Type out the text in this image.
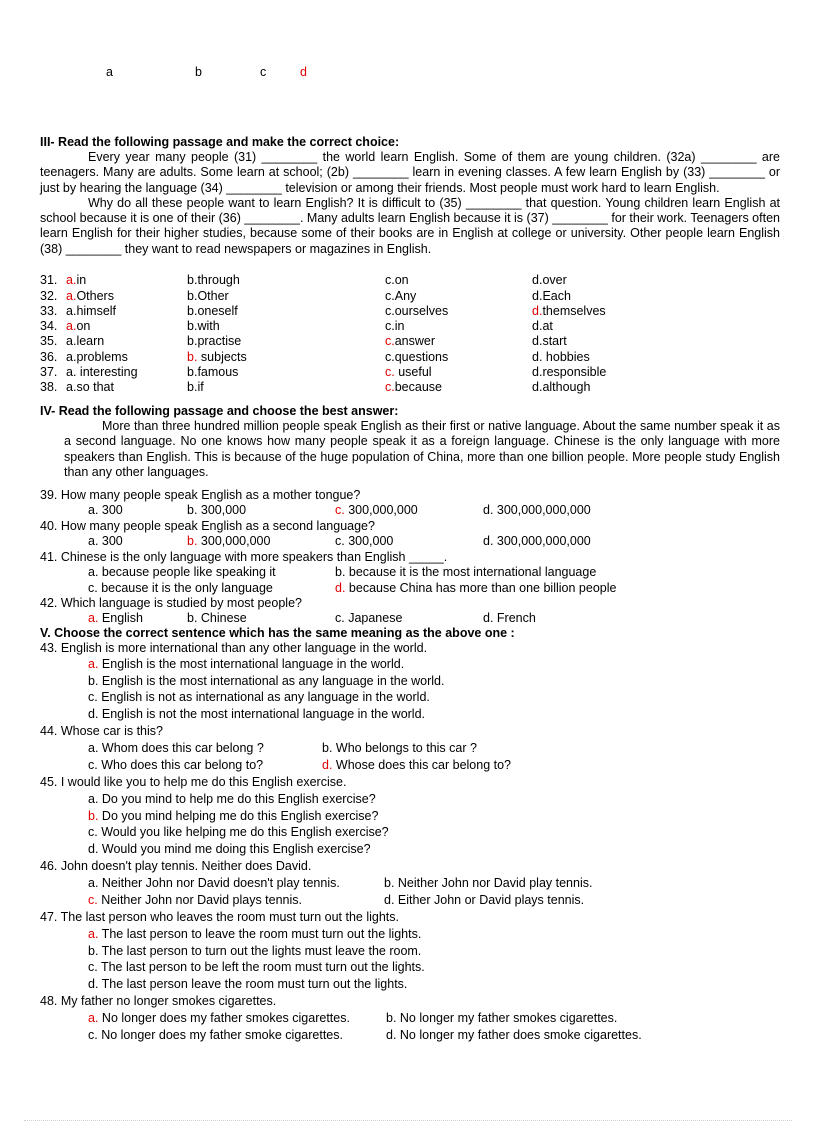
a	b	c	d
III- Read the following passage and make the correct choice:

Every year many people (31) ________ the world learn English. Some of them are young children. (32a) ________ are teenagers. Many are adults. Some learn at school; (2b) ________ learn in evening classes. A few learn English by (33) ________ or just by hearing the language (34) ________ television or among their friends. Most people must work hard to learn English.

Why do all these people want to learn English? It is difficult to (35) ________ that question. Young children learn English at school because it is one of their (36) ________. Many adults learn English because it is (37) ________ for their work. Teenagers often learn English for their higher studies, because some of their books are in English at college or university. Other people learn English (38) ________ they want to read newspapers or magazines in English.

31. a.in	b.through	c.on	d.over
32. a.Others	b.Other	c.Any	d.Each
33. a.himself	b.oneself	c.ourselves	d.themselves
34. a.on	b.with	c.in	d.at
35. a.learn	b.practise	c.answer	d.start
36. a.problems	b. subjects	c.questions	d. hobbies
37. a. interesting	b.famous	c. useful	d.responsible
38. a.so that	b.if	c.because	d.although
IV- Read the following passage and choose the best answer:

More than three hundred million people speak English as their first or native language. About the same number speak it as a second language. No one knows how many people speak it as a foreign language. Chinese is the only language with more speakers than English. This is because of the huge population of China, more than one billion people. More people study English than any other languages.

39. How many people speak English as a mother tongue?
a. 300	b. 300,000	c. 300,000,000	d. 300,000,000,000
40. How many people speak English as a second language?
a. 300	b. 300,000,000	c. 300,000	d. 300,000,000,000
41. Chinese is the only language with more speakers than English _____.
a. because people like speaking it	b. because it is the most international language
c. because it is the only language	d. because China has more than one billion people
42. Which language is studied by most people?
a. English	b. Chinese	c. Japanese	d. French
V. Choose the correct sentence which has the same meaning as the above one :
43. English is more international than any other language in the world.
a. English is the most international language in the world.
b. English is the most international as any language in the world.
c. English is not as international as any language in the world.
d. English is not the most international language in the world.
44. Whose car is this?
a. Whom does this car belong ?	b. Who belongs to this car ?
c. Who does this car belong to?	d. Whose does this car belong to?
45. I would like you to help me do this English exercise.
a. Do you mind to help me do this English exercise?
b. Do you mind helping me do this English exercise?
c. Would you like helping me do this English exercise?
d. Would you mind me doing this English exercise?
46. John doesn't play tennis. Neither does David.
a. Neither John nor David doesn't play tennis.	b. Neither John nor David play tennis.
c. Neither John nor David plays tennis.	d. Either John or David plays tennis.
47. The last person who leaves the room must turn out the lights.
a. The last person to leave the room must turn out the lights.
b. The last person to turn out the lights must leave the room.
c. The last person to be left the room must turn out the lights.
d. The last person leave the room must turn out the lights.
48. My father no longer smokes cigarettes.
a. No longer does my father smokes cigarettes.	b. No longer my father smokes cigarettes.
c. No longer does my father smoke cigarettes.	d. No longer my father does smoke cigarettes.
